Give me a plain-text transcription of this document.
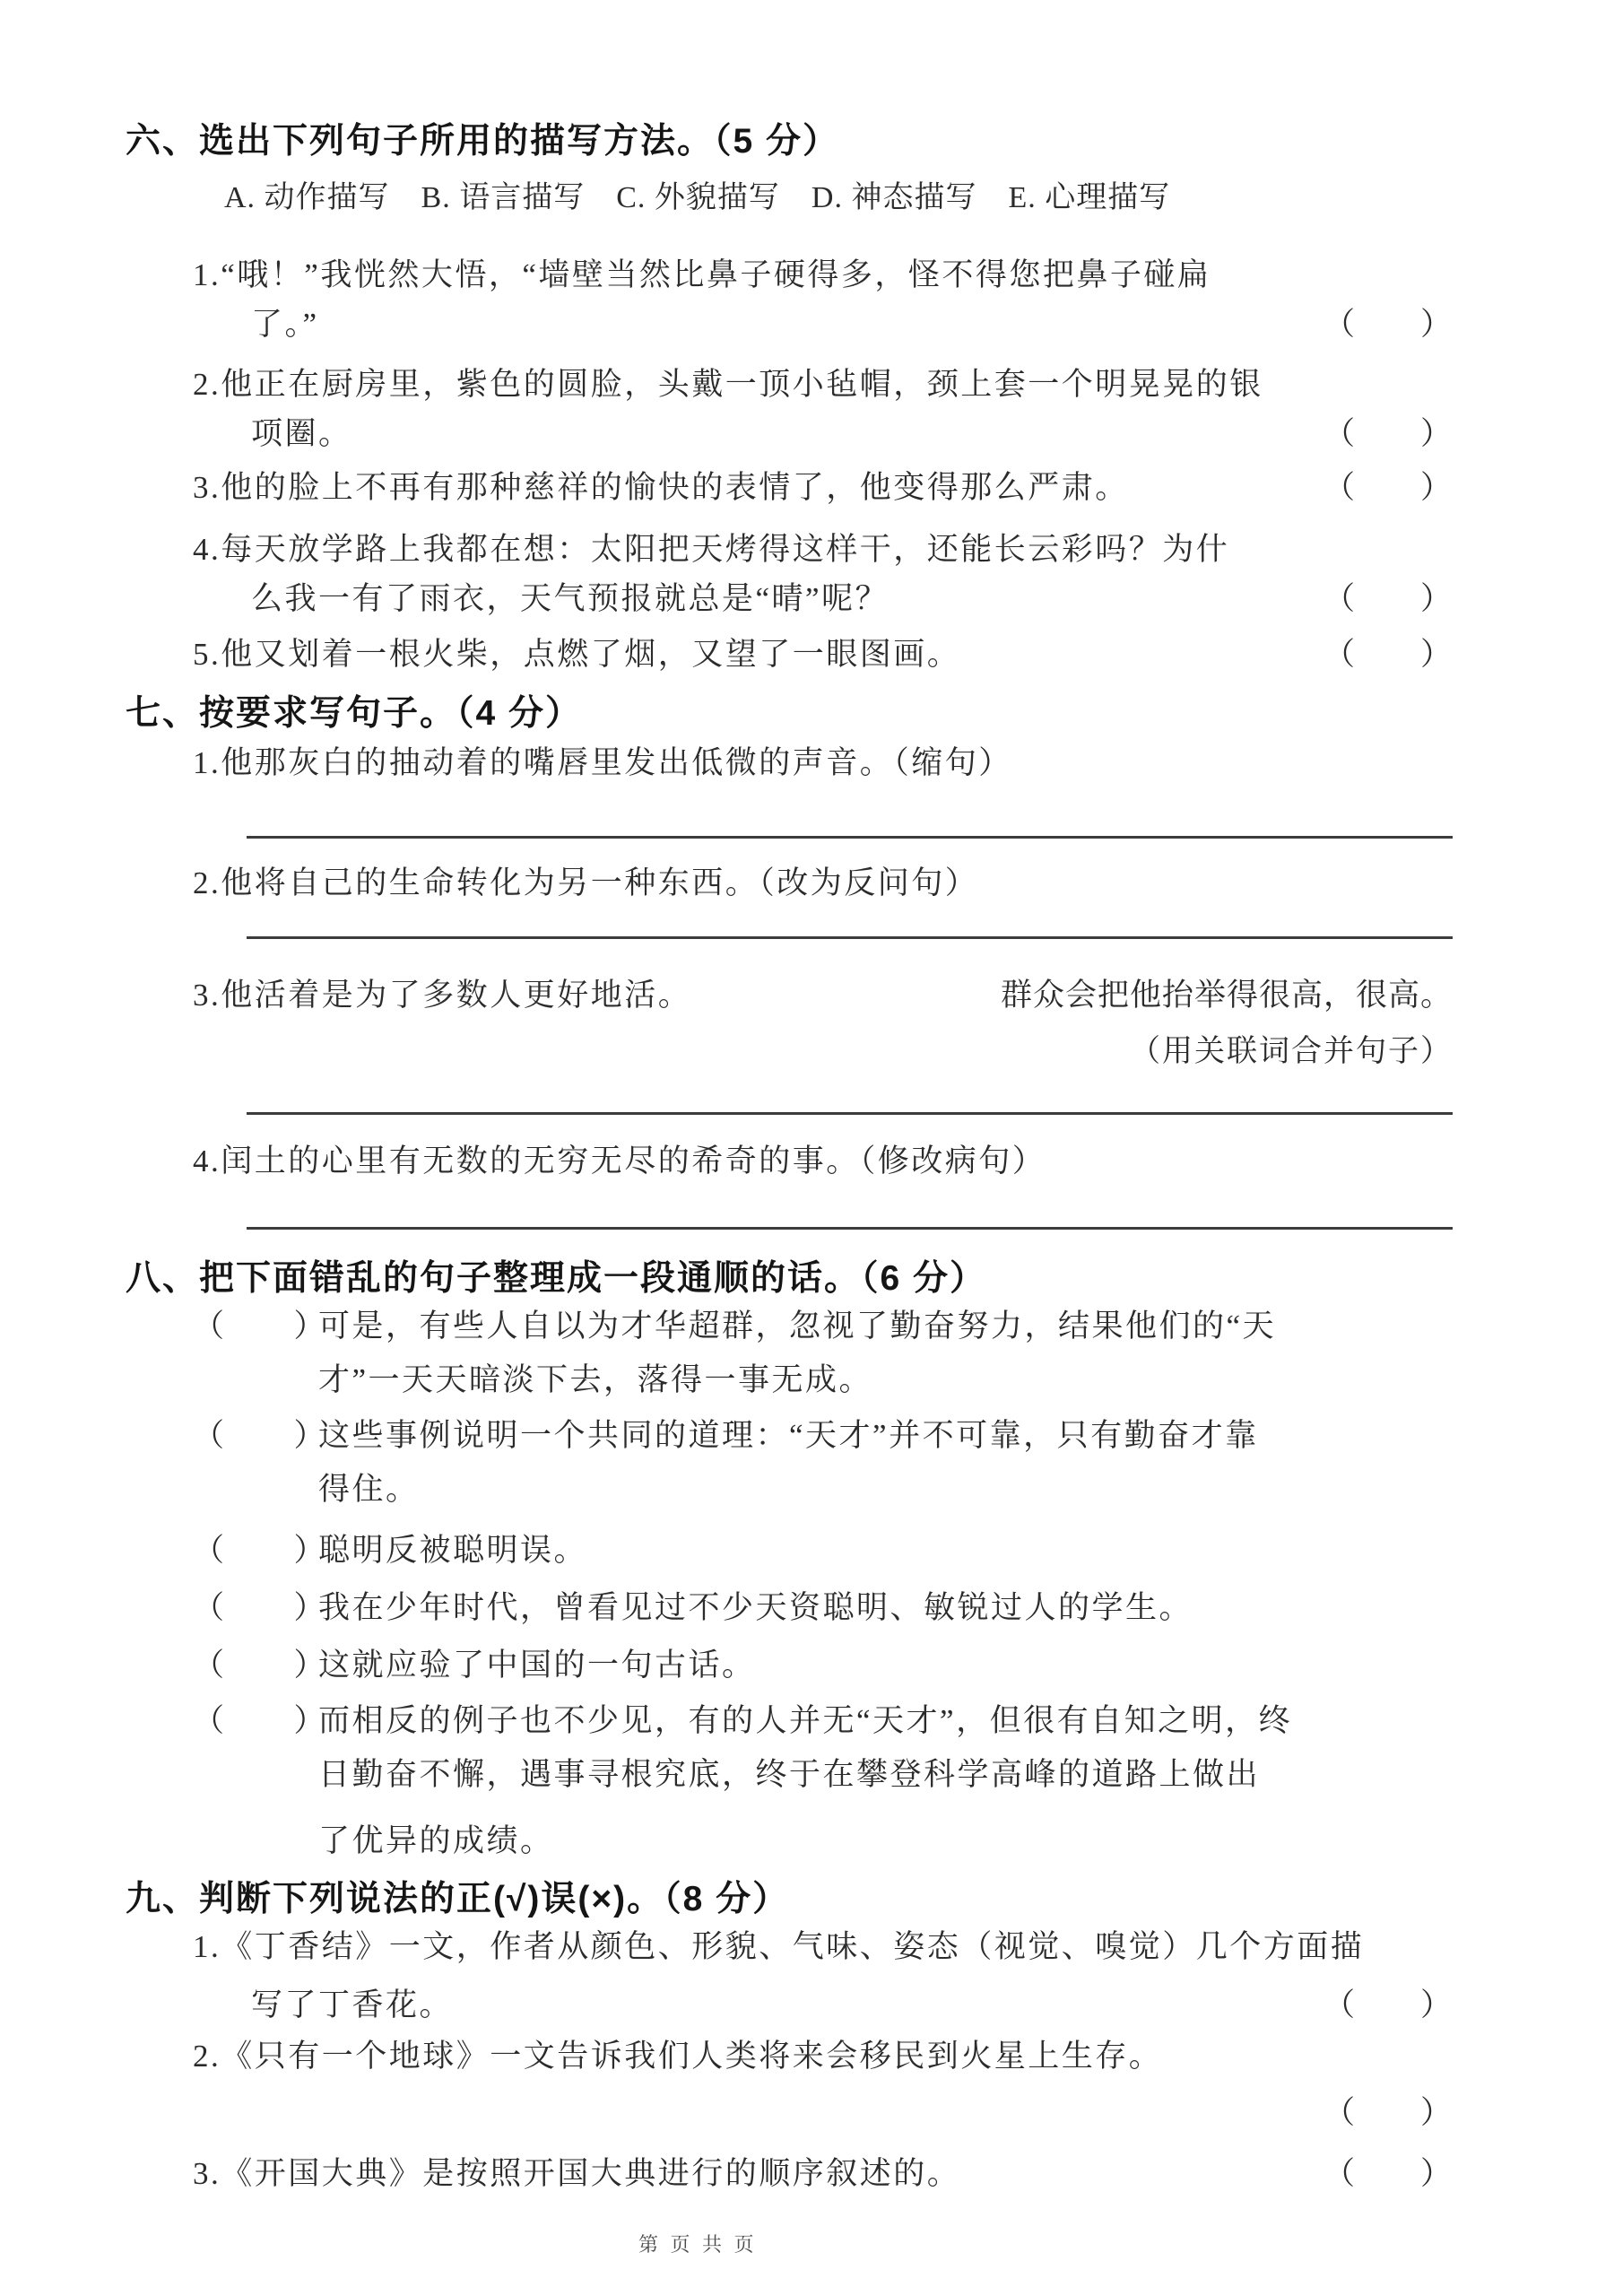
六、选出下列句子所用的描写方法。（5 分）
A. 动作描写　B. 语言描写　C. 外貌描写　D. 神态描写　E. 心理描写
1.“哦！”我恍然大悟，“墙壁当然比鼻子硬得多，怪不得您把鼻子碰扁
了。”	（　　）
2.他正在厨房里，紫色的圆脸，头戴一顶小毡帽，颈上套一个明晃晃的银
项圈。	（　　）
3.他的脸上不再有那种慈祥的愉快的表情了，他变得那么严肃。	（　　）
4.每天放学路上我都在想：太阳把天烤得这样干，还能长云彩吗？为什
么我一有了雨衣，天气预报就总是“晴”呢？	（　　）
5.他又划着一根火柴，点燃了烟，又望了一眼图画。	（　　）
七、按要求写句子。（4 分）
1.他那灰白的抽动着的嘴唇里发出低微的声音。（缩句）
2.他将自己的生命转化为另一种东西。（改为反问句）
3.他活着是为了多数人更好地活。	群众会把他抬举得很高，很高。
（用关联词合并句子）
4.闰土的心里有无数的无穷无尽的希奇的事。（修改病句）
八、把下面错乱的句子整理成一段通顺的话。（6 分）
（　　）
可是，有些人自以为才华超群，忽视了勤奋努力，结果他们的“天
才”一天天暗淡下去，落得一事无成。
（　　）
这些事例说明一个共同的道理：“天才”并不可靠，只有勤奋才靠
得住。
（　　）
聪明反被聪明误。
（　　）
我在少年时代，曾看见过不少天资聪明、敏锐过人的学生。
（　　）
这就应验了中国的一句古话。
（　　）
而相反的例子也不少见，有的人并无“天才”，但很有自知之明，终
日勤奋不懈，遇事寻根究底，终于在攀登科学高峰的道路上做出
了优异的成绩。
九、判断下列说法的正(√)误(×)。（8 分）
1.《丁香结》一文，作者从颜色、形貌、气味、姿态（视觉、嗅觉）几个方面描
写了丁香花。	（　　）
2.《只有一个地球》一文告诉我们人类将来会移民到火星上生存。
（　　）
3.《开国大典》是按照开国大典进行的顺序叙述的。	（　　）
第 页 共 页
